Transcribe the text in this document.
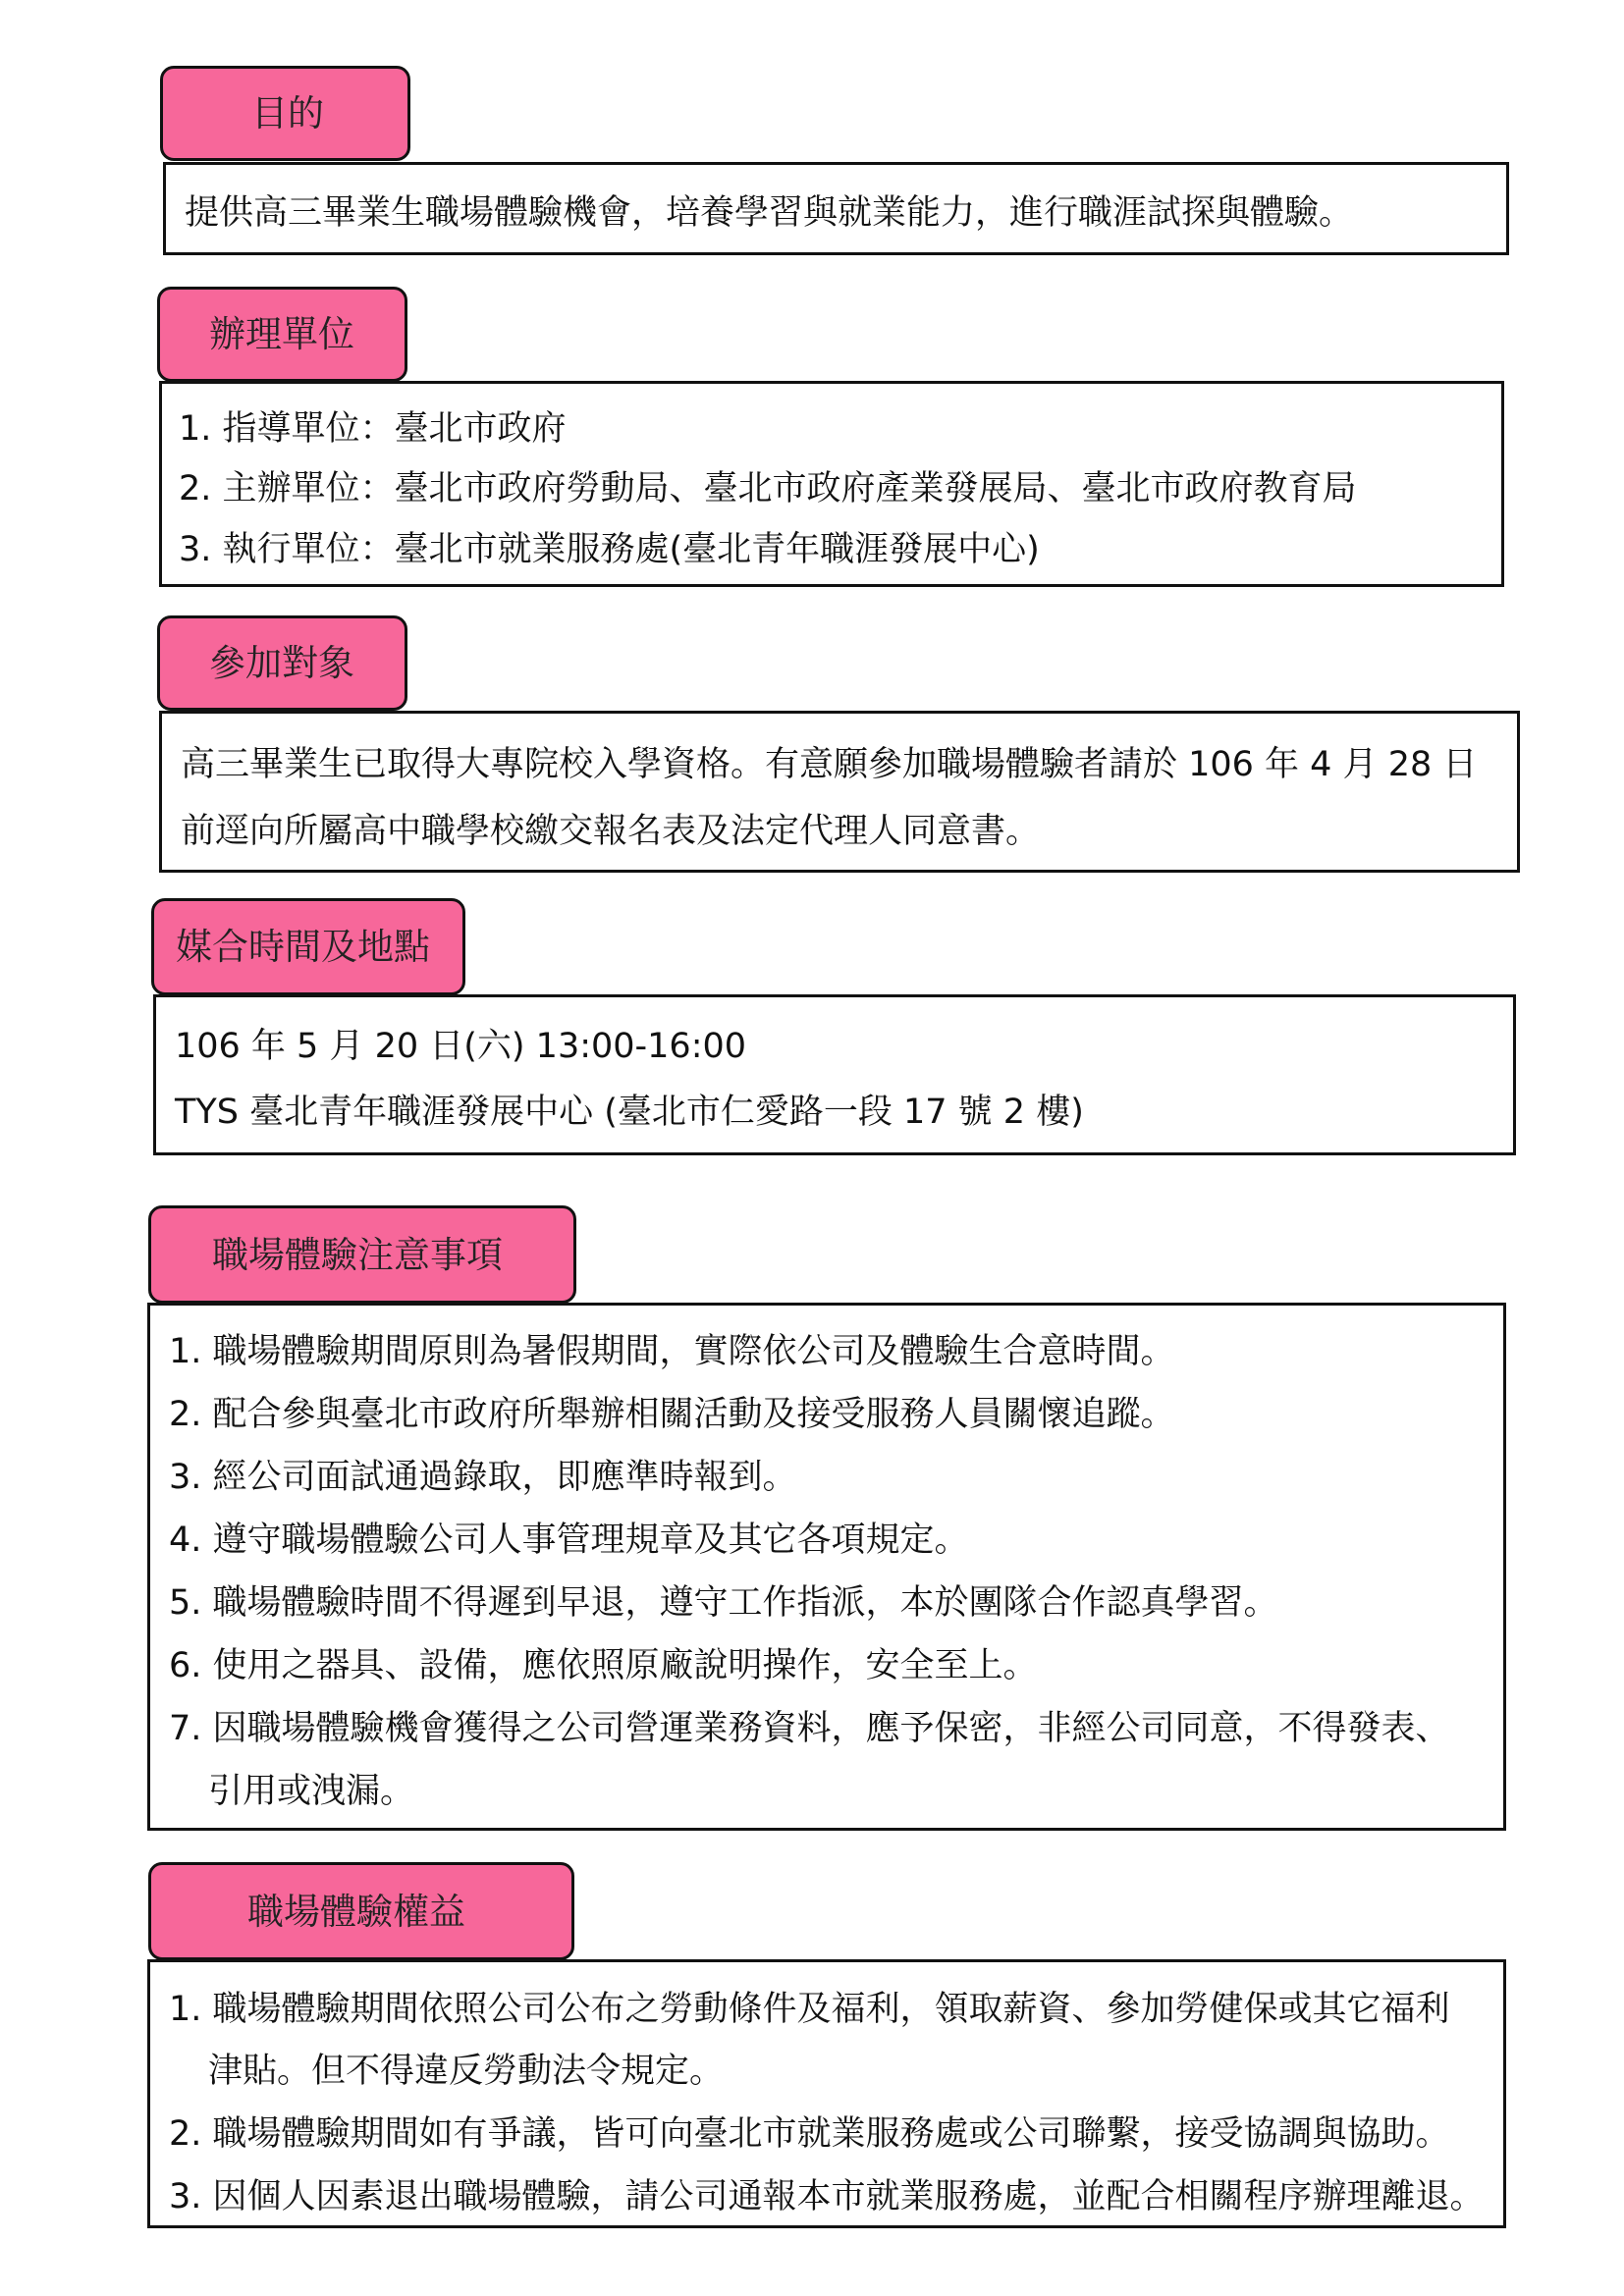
目的
提供高三畢業生職場體驗機會，培養學習與就業能力，進行職涯試探與體驗。
辦理單位
1. 指導單位：臺北市政府
2. 主辦單位：臺北市政府勞動局、臺北市政府產業發展局、臺北市政府教育局
3. 執行單位：臺北市就業服務處(臺北青年職涯發展中心)
參加對象
高三畢業生已取得大專院校入學資格。有意願參加職場體驗者請於 106 年 4 月 28 日
前逕向所屬高中職學校繳交報名表及法定代理人同意書。
媒合時間及地點
106 年 5 月 20 日(六) 13:00-16:00
TYS 臺北青年職涯發展中心 (臺北市仁愛路一段 17 號 2 樓)
職場體驗注意事項
1. 職場體驗期間原則為暑假期間，實際依公司及體驗生合意時間。
2. 配合參與臺北市政府所舉辦相關活動及接受服務人員關懷追蹤。
3. 經公司面試通過錄取，即應準時報到。
4. 遵守職場體驗公司人事管理規章及其它各項規定。
5. 職場體驗時間不得遲到早退，遵守工作指派，本於團隊合作認真學習。
6. 使用之器具、設備，應依照原廠說明操作，安全至上。
7. 因職場體驗機會獲得之公司營運業務資料，應予保密，非經公司同意，不得發表、
引用或洩漏。
職場體驗權益
1. 職場體驗期間依照公司公布之勞動條件及福利，領取薪資、參加勞健保或其它福利
津貼。但不得違反勞動法令規定。
2. 職場體驗期間如有爭議，皆可向臺北市就業服務處或公司聯繫，接受協調與協助。
3. 因個人因素退出職場體驗，請公司通報本市就業服務處，並配合相關程序辦理離退。
